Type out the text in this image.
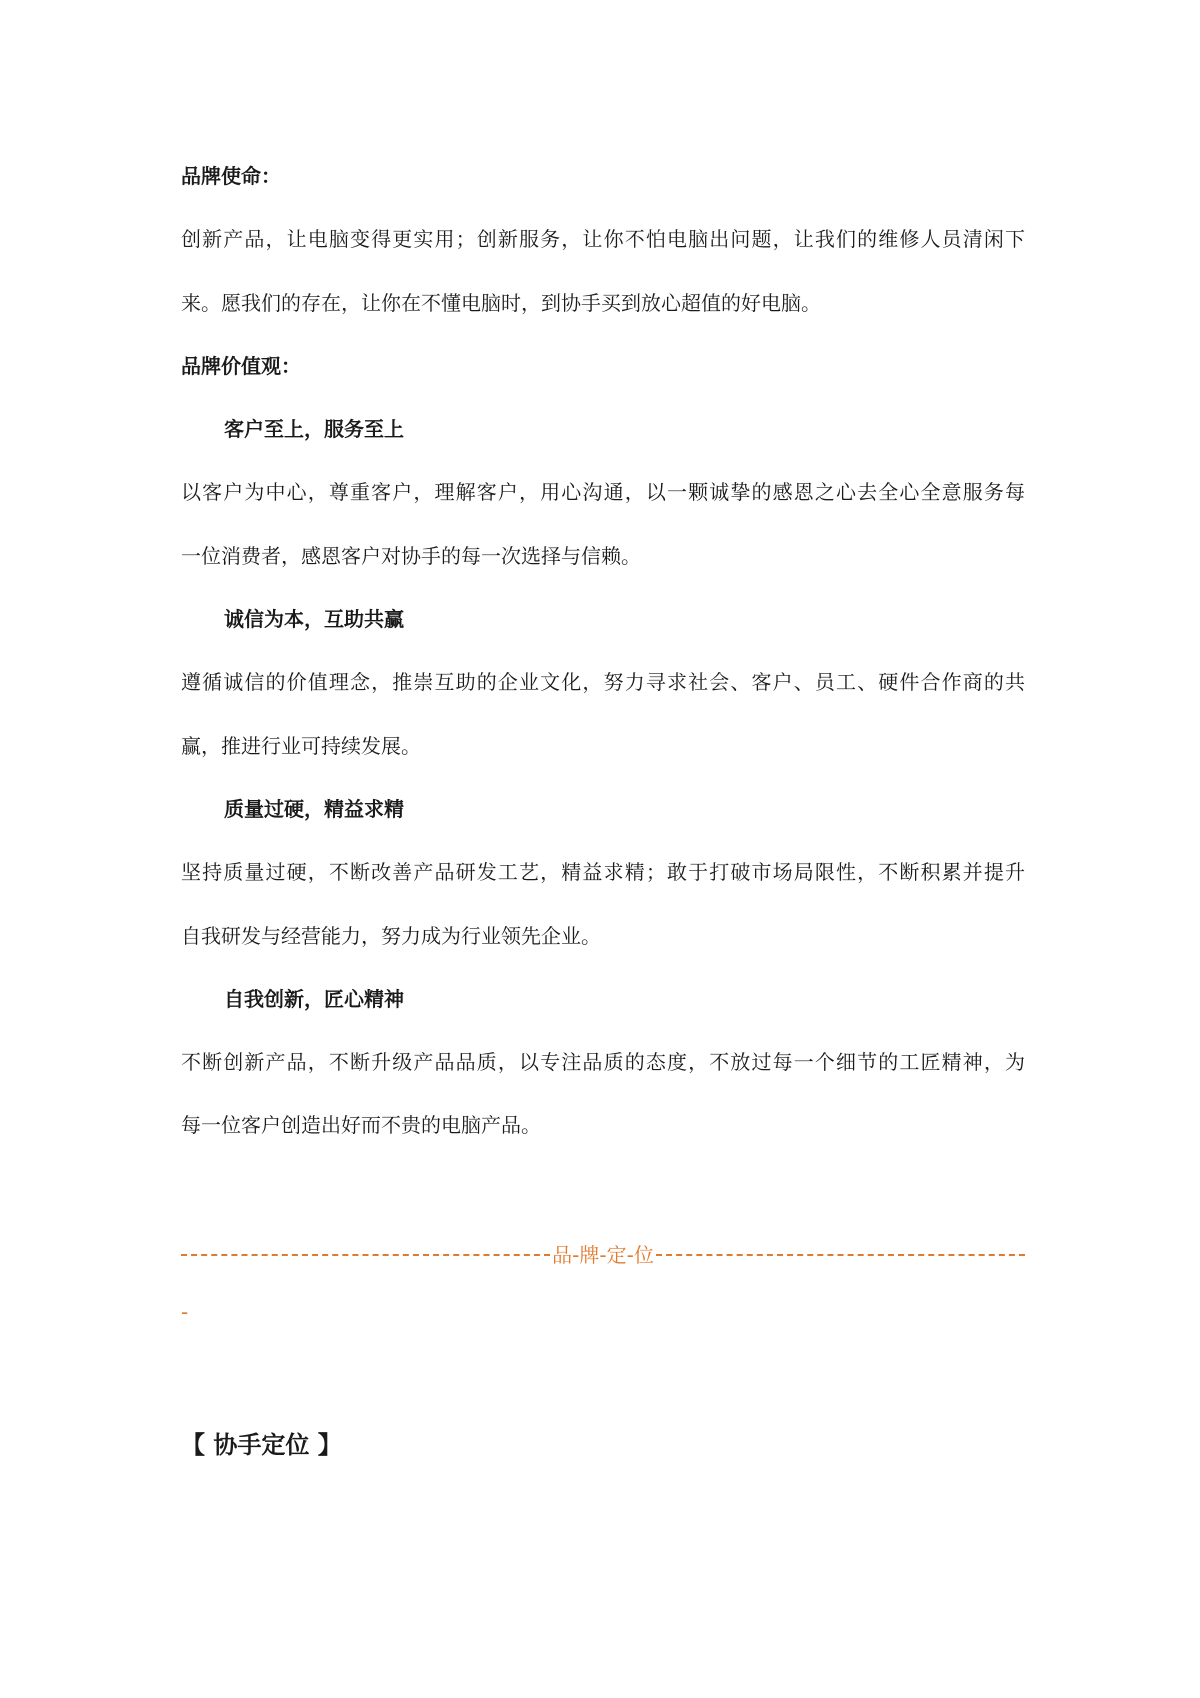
品牌使命：
创新产品，让电脑变得更实用；创新服务，让你不怕电脑出问题，让我们的维修人员清闲下
来。愿我们的存在，让你在不懂电脑时，到协手买到放心超值的好电脑。
品牌价值观：
客户至上，服务至上
以客户为中心，尊重客户，理解客户，用心沟通，以一颗诚挚的感恩之心去全心全意服务每
一位消费者，感恩客户对协手的每一次选择与信赖。
诚信为本，互助共赢
遵循诚信的价值理念，推崇互助的企业文化，努力寻求社会、客户、员工、硬件合作商的共
赢，推进行业可持续发展。
质量过硬，精益求精
坚持质量过硬，不断改善产品研发工艺，精益求精；敢于打破市场局限性，不断积累并提升
自我研发与经营能力，努力成为行业领先企业。
自我创新，匠心精神
不断创新产品，不断升级产品品质，以专注品质的态度，不放过每一个细节的工匠精神，为
每一位客户创造出好而不贵的电脑产品。
品-牌-定-位
-
【 协手定位 】
